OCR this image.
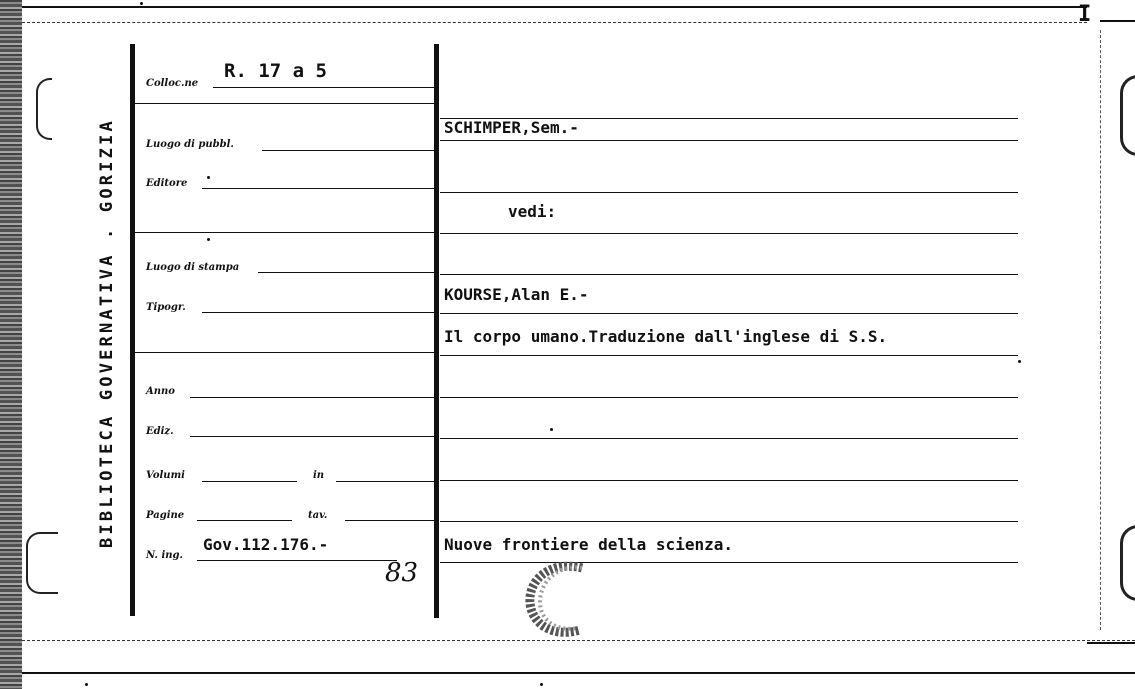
I
BIBLIOTECA GOVERNATIVA . GORIZIA
Colloc.ne
Luogo di pubbl.
Editore
Luogo di stampa
Tipogr.
Anno
Ediz.
Volumi	in
Pagine	tav.
N. ing.
R. 17 a 5
Gov.112.176.-
83
SCHIMPER,Sem.-
vedi:
KOURSE,Alan E.-
Il corpo umano.Traduzione dall'inglese di S.S.
Nuove frontiere della scienza.
